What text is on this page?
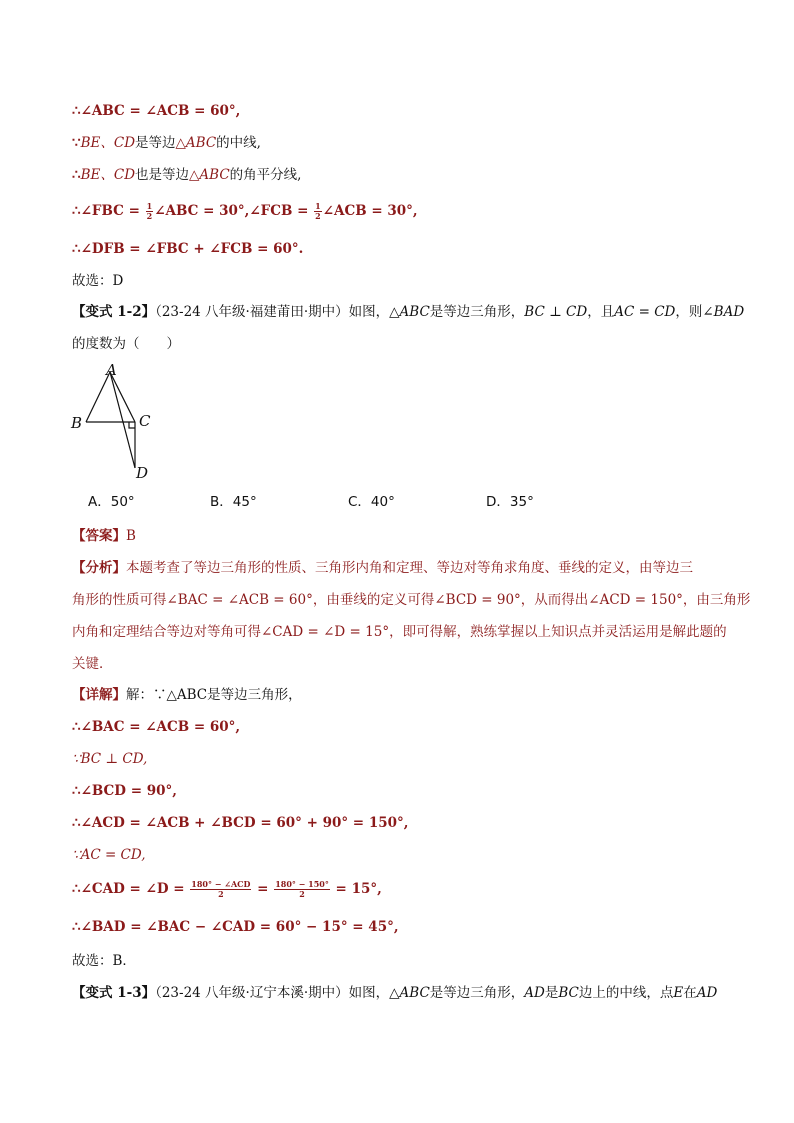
∴∠ABC = ∠ACB = 60°,
∵BE、CD是等边△ABC的中线,
∴BE、CD也是等边△ABC的角平分线,
∴∠FBC = $\frac{1}{2}$ ∠ABC = 30°,∠FCB = $\frac{1}{2}$ ∠ACB = 30°,
∴∠DFB = ∠FBC + ∠FCB = 60°.
故选：D
【变式 1-2】（23-24 八年级·福建莆田·期中）如图，△ABC是等边三角形，BC ⊥ CD，且AC = CD，则∠BAD
的度数为（　　）
A
B	C
D
A．50°	B．45°	C．40°	D．35°
【答案】B
【分析】本题考查了等边三角形的性质、三角形内角和定理、等边对等角求角度、垂线的定义，由等边三
角形的性质可得∠BAC = ∠ACB = 60°，由垂线的定义可得∠BCD = 90°，从而得出∠ACD = 150°，由三角形
内角和定理结合等边对等角可得∠CAD = ∠D = 15°，即可得解，熟练掌握以上知识点并灵活运用是解此题的
关键．
【详解】解：∵△ABC是等边三角形，
∴∠BAC = ∠ACB = 60°,
∵BC ⊥ CD,
∴∠BCD = 90°,
∴∠ACD = ∠ACB + ∠BCD = 60° + 90° = 150°,
∵AC = CD,
∴∠CAD = ∠D = $\frac{\text{180° − ∠ACD}}{2} = \frac{180^\circ - 150^\circ}{2} = 15^\circ$,
∴∠BAD = ∠BAC − ∠CAD = 60° − 15° = 45°,
故选：B．
【变式 1-3】（23-24 八年级·辽宁本溪·期中）如图，△ABC是等边三角形，AD是BC边上的中线，点E在AD
